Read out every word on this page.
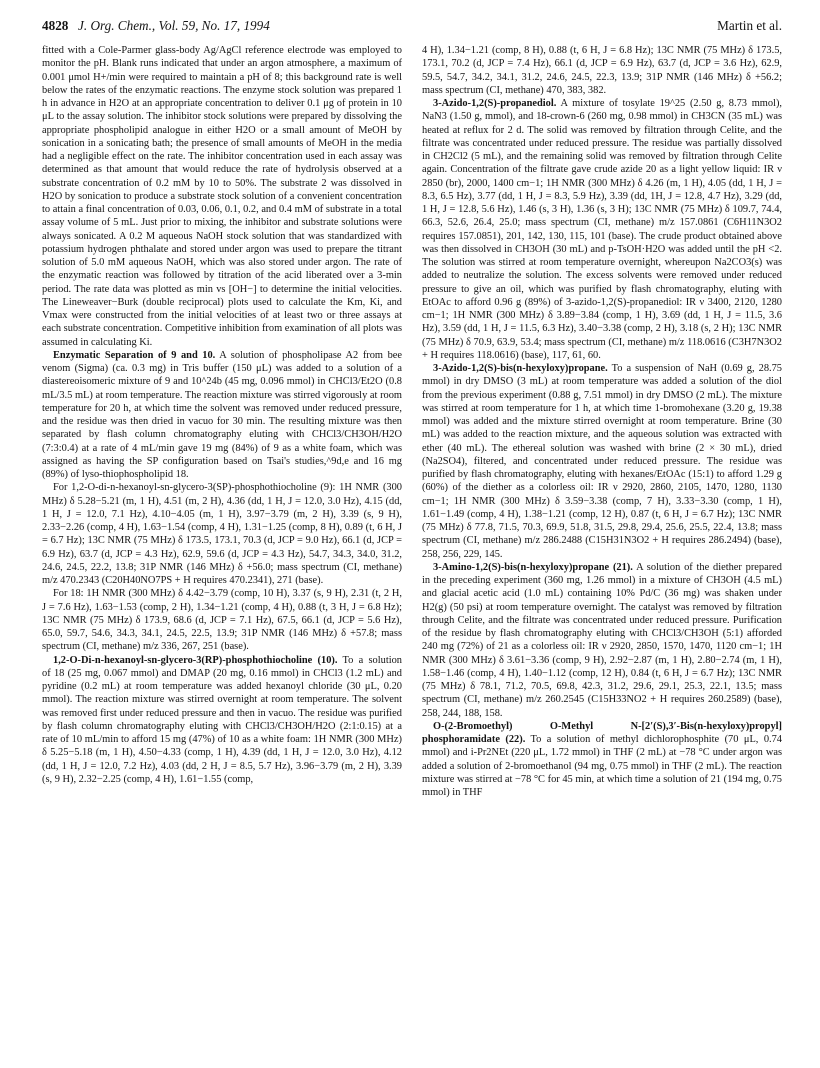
4828 J. Org. Chem., Vol. 59, No. 17, 1994	Martin et al.

fitted with a Cole-Parmer glass-body Ag/AgCl reference electrode was employed to monitor the pH. Blank runs indicated that under an argon atmosphere, a maximum of 0.001 μmol H+/min were required to maintain a pH of 8; this background rate is well below the rates of the enzymatic reactions. The enzyme stock solution was prepared 1 h in advance in H2O at an appropriate concentration to deliver 0.1 μg of protein in 10 μL to the assay solution. The inhibitor stock solutions were prepared by dissolving the appropriate phospholipid analogue in either H2O or a small amount of MeOH by sonication in a sonicating bath; the presence of small amounts of MeOH in the media had a negligible effect on the rate. The inhibitor concentration used in each assay was determined as that amount that would reduce the rate of hydrolysis observed at a substrate concentration of 0.2 mM by 10 to 50%. The substrate 2 was dissolved in H2O by sonication to produce a substrate stock solution of a convenient concentration to attain a final concentration of 0.03, 0.06, 0.1, 0.2, and 0.4 mM of substrate in a total assay volume of 5 mL. Just prior to mixing, the inhibitor and substrate solutions were always sonicated. A 0.2 M aqueous NaOH stock solution that was standardized with potassium hydrogen phthalate and stored under argon was used to prepare the titrant solution of 5.0 mM aqueous NaOH, which was also stored under argon. The rate of the enzymatic reaction was followed by titration of the acid liberated over a 3-min period. The rate data was plotted as min vs [OH−] to determine the initial velocities. The Lineweaver−Burk (double reciprocal) plots used to calculate the Km, Ki, and Vmax were constructed from the initial velocities of at least two or three assays at each substrate concentration. Competitive inhibition from examination of all plots was assumed in calculating Ki.

Enzymatic Separation of 9 and 10. A solution of phospholipase A2 from bee venom (Sigma) (ca. 0.3 mg) in Tris buffer (150 μL) was added to a solution of a diastereoisomeric mixture of 9 and 10^24b (45 mg, 0.096 mmol) in CHCl3/Et2O (0.8 mL/3.5 mL) at room temperature. The reaction mixture was stirred vigorously at room temperature for 20 h, at which time the solvent was removed under reduced pressure, and the residue was then dried in vacuo for 30 min. The resulting mixture was then separated by flash column chromatography eluting with CHCl3/CH3OH/H2O (7:3:0.4) at a rate of 4 mL/min gave 19 mg (84%) of 9 as a white foam, which was assigned as having the SP configuration based on Tsai's studies,^9d,e and 16 mg (89%) of lyso-thiophospholipid 18.

For 1,2-O-di-n-hexanoyl-sn-glycero-3(SP)-phosphothiocholine (9): 1H NMR (300 MHz) δ 5.28−5.21 (m, 1 H), 4.51 (m, 2 H), 4.36 (dd, 1 H, J = 12.0, 3.0 Hz), 4.15 (dd, 1 H, J = 12.0, 7.1 Hz), 4.10−4.05 (m, 1 H), 3.97−3.79 (m, 2 H), 3.39 (s, 9 H), 2.33−2.26 (comp, 4 H), 1.63−1.54 (comp, 4 H), 1.31−1.25 (comp, 8 H), 0.89 (t, 6 H, J = 6.7 Hz); 13C NMR (75 MHz) δ 173.5, 173.1, 70.3 (d, JCP = 9.0 Hz), 66.1 (d, JCP = 6.9 Hz), 63.7 (d, JCP = 4.3 Hz), 62.9, 59.6 (d, JCP = 4.3 Hz), 54.7, 34.3, 34.0, 31.2, 24.6, 24.5, 22.2, 13.8; 31P NMR (146 MHz) δ +56.0; mass spectrum (CI, methane) m/z 470.2343 (C20H40NO7PS + H requires 470.2341), 271 (base).

For 18: 1H NMR (300 MHz) δ 4.42−3.79 (comp, 10 H), 3.37 (s, 9 H), 2.31 (t, 2 H, J = 7.6 Hz), 1.63−1.53 (comp, 2 H), 1.34−1.21 (comp, 4 H), 0.88 (t, 3 H, J = 6.8 Hz); 13C NMR (75 MHz) δ 173.9, 68.6 (d, JCP = 7.1 Hz), 67.5, 66.1 (d, JCP = 5.6 Hz), 65.0, 59.7, 54.6, 34.3, 34.1, 24.5, 22.5, 13.9; 31P NMR (146 MHz) δ +57.8; mass spectrum (CI, methane) m/z 336, 267, 251 (base).

1,2-O-Di-n-hexanoyl-sn-glycero-3(RP)-phosphothiocholine (10). To a solution of 18 (25 mg, 0.067 mmol) and DMAP (20 mg, 0.16 mmol) in CHCl3 (1.2 mL) and pyridine (0.2 mL) at room temperature was added hexanoyl chloride (30 μL, 0.20 mmol). The reaction mixture was stirred overnight at room temperature. The solvent was removed first under reduced pressure and then in vacuo. The residue was purified by flash column chromatography eluting with CHCl3/CH3OH/H2O (2:1:0.15) at a rate of 10 mL/min to afford 15 mg (47%) of 10 as a white foam: 1H NMR (300 MHz) δ 5.25−5.18 (m, 1 H), 4.50−4.33 (comp, 1 H), 4.39 (dd, 1 H, J = 12.0, 3.0 Hz), 4.12 (dd, 1 H, J = 12.0, 7.2 Hz), 4.03 (dd, 2 H, J = 8.5, 5.7 Hz), 3.96−3.79 (m, 2 H), 3.39 (s, 9 H), 2.32−2.25 (comp, 4 H), 1.61−1.55 (comp,

4 H), 1.34−1.21 (comp, 8 H), 0.88 (t, 6 H, J = 6.8 Hz); 13C NMR (75 MHz) δ 173.5, 173.1, 70.2 (d, JCP = 7.4 Hz), 66.1 (d, JCP = 6.9 Hz), 63.7 (d, JCP = 3.6 Hz), 62.9, 59.5, 54.7, 34.2, 34.1, 31.2, 24.6, 24.5, 22.3, 13.9; 31P NMR (146 MHz) δ +56.2; mass spectrum (CI, methane) 470, 383, 382.

3-Azido-1,2(S)-propanediol. A mixture of tosylate 19^25 (2.50 g, 8.73 mmol), NaN3 (1.50 g, mmol), and 18-crown-6 (260 mg, 0.98 mmol) in CH3CN (35 mL) was heated at reflux for 2 d. The solid was removed by filtration through Celite, and the filtrate was concentrated under reduced pressure. The residue was partially dissolved in CH2Cl2 (5 mL), and the remaining solid was removed by filtration through Celite again. Concentration of the filtrate gave crude azide 20 as a light yellow liquid: IR ν 2850 (br), 2000, 1400 cm−1; 1H NMR (300 MHz) δ 4.26 (m, 1 H), 4.05 (dd, 1 H, J = 8.3, 6.5 Hz), 3.77 (dd, 1 H, J = 8.3, 5.9 Hz), 3.39 (dd, 1H, J = 12.8, 4.7 Hz), 3.29 (dd, 1 H, J = 12.8, 5.6 Hz), 1.46 (s, 3 H), 1.36 (s, 3 H); 13C NMR (75 MHz) δ 109.7, 74.4, 66.3, 52.6, 26.4, 25.0; mass spectrum (CI, methane) m/z 157.0861 (C6H11N3O2 requires 157.0851), 201, 142, 130, 115, 101 (base). The crude product obtained above was then dissolved in CH3OH (30 mL) and p-TsOH·H2O was added until the pH <2. The solution was stirred at room temperature overnight, whereupon Na2CO3(s) was added to neutralize the solution. The excess solvents were removed under reduced pressure to give an oil, which was purified by flash chromatography, eluting with EtOAc to afford 0.96 g (89%) of 3-azido-1,2(S)-propanediol: IR ν 3400, 2120, 1280 cm−1; 1H NMR (300 MHz) δ 3.89−3.84 (comp, 1 H), 3.69 (dd, 1 H, J = 11.5, 3.6 Hz), 3.59 (dd, 1 H, J = 11.5, 6.3 Hz), 3.40−3.38 (comp, 2 H), 3.18 (s, 2 H); 13C NMR (75 MHz) δ 70.9, 63.9, 53.4; mass spectrum (CI, methane) m/z 118.0616 (C3H7N3O2 + H requires 118.0616) (base), 117, 61, 60.

3-Azido-1,2(S)-bis(n-hexyloxy)propane. To a suspension of NaH (0.69 g, 28.75 mmol) in dry DMSO (3 mL) at room temperature was added a solution of the diol from the previous experiment (0.88 g, 7.51 mmol) in dry DMSO (2 mL). The mixture was stirred at room temperature for 1 h, at which time 1-bromohexane (3.20 g, 19.38 mmol) was added and the mixture stirred overnight at room temperature. Brine (30 mL) was added to the reaction mixture, and the aqueous solution was extracted with ether (40 mL). The ethereal solution was washed with brine (2 × 30 mL), dried (Na2SO4), filtered, and concentrated under reduced pressure. The residue was purified by flash chromatography, eluting with hexanes/EtOAc (15:1) to afford 1.29 g (60%) of the diether as a colorless oil: IR ν 2920, 2860, 2105, 1470, 1280, 1130 cm−1; 1H NMR (300 MHz) δ 3.59−3.38 (comp, 7 H), 3.33−3.30 (comp, 1 H), 1.61−1.49 (comp, 4 H), 1.38−1.21 (comp, 12 H), 0.87 (t, 6 H, J = 6.7 Hz); 13C NMR (75 MHz) δ 77.8, 71.5, 70.3, 69.9, 51.8, 31.5, 29.8, 29.4, 25.6, 25.5, 22.4, 13.8; mass spectrum (CI, methane) m/z 286.2488 (C15H31N3O2 + H requires 286.2494) (base), 258, 256, 229, 145.

3-Amino-1,2(S)-bis(n-hexyloxy)propane (21). A solution of the diether prepared in the preceding experiment (360 mg, 1.26 mmol) in a mixture of CH3OH (4.5 mL) and glacial acetic acid (1.0 mL) containing 10% Pd/C (36 mg) was shaken under H2(g) (50 psi) at room temperature overnight. The catalyst was removed by filtration through Celite, and the filtrate was concentrated under reduced pressure. Purification of the residue by flash chromatography eluting with CHCl3/CH3OH (5:1) afforded 240 mg (72%) of 21 as a colorless oil: IR ν 2920, 2850, 1570, 1470, 1120 cm−1; 1H NMR (300 MHz) δ 3.61−3.36 (comp, 9 H), 2.92−2.87 (m, 1 H), 2.80−2.74 (m, 1 H), 1.58−1.46 (comp, 4 H), 1.40−1.12 (comp, 12 H), 0.84 (t, 6 H, J = 6.7 Hz); 13C NMR (75 MHz) δ 78.1, 71.2, 70.5, 69.8, 42.3, 31.2, 29.6, 29.1, 25.3, 22.1, 13.5; mass spectrum (CI, methane) m/z 260.2545 (C15H33NO2 + H requires 260.2589) (base), 258, 244, 188, 158.

O-(2-Bromoethyl) O-Methyl N-[2′(S),3′-Bis(n-hexyloxy)propyl] phosphoramidate (22). To a solution of methyl dichlorophosphite (70 μL, 0.74 mmol) and i-Pr2NEt (220 μL, 1.72 mmol) in THF (2 mL) at −78 °C under argon was added a solution of 2-bromoethanol (94 mg, 0.75 mmol) in THF (2 mL). The reaction mixture was stirred at −78 °C for 45 min, at which time a solution of 21 (194 mg, 0.75 mmol) in THF
